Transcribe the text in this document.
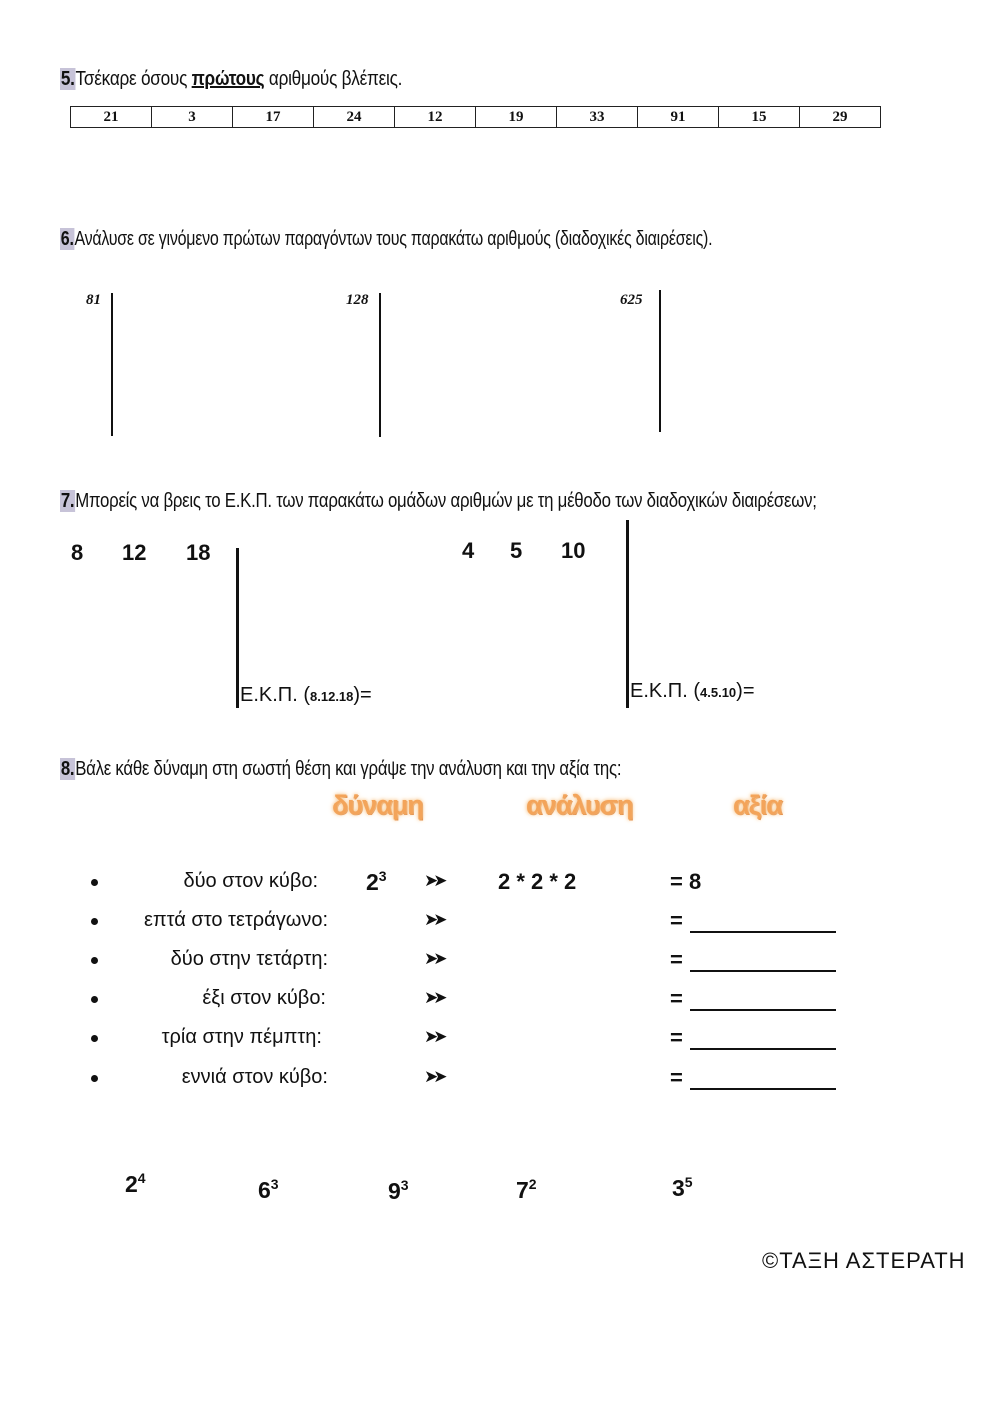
5.Τσέκαρε όσους πρώτους αριθμούς βλέπεις.
21	3	17	24	12	19	33	91	15	29
6.Ανάλυσε σε γινόμενο πρώτων παραγόντων τους παρακάτω αριθμούς (διαδοχικές διαιρέσεις).
81	128	625
7.Μπορείς να βρεις το Ε.Κ.Π. των παρακάτω ομάδων αριθμών με τη μέθοδο των διαδοχικών διαιρέσεων;
8 12 18
Ε.Κ.Π. (8.12.18)=
4 5 10
Ε.Κ.Π. (4.5.10)=
8.Βάλε κάθε δύναμη στη σωστή θέση και γράψε την ανάλυση και την αξία της:
δύναμη	ανάλυση	αξία
δύο στον κύβο: $2^3$ ➤➤	2 * 2 * 2	= 8
επτά στο τετράγωνο:	➤➤	=
δύο στην τετάρτη:	➤➤	=
έξι στον κύβο:	➤➤	=
τρία στην πέμπτη:	➤➤	=
εννιά στον κύβο:	➤➤	=
$2^4$	$6^3$	$9^3$	$7^2$	$3^5$
©ΤΑΞΗ ΑΣΤΕΡΑΤΗ
